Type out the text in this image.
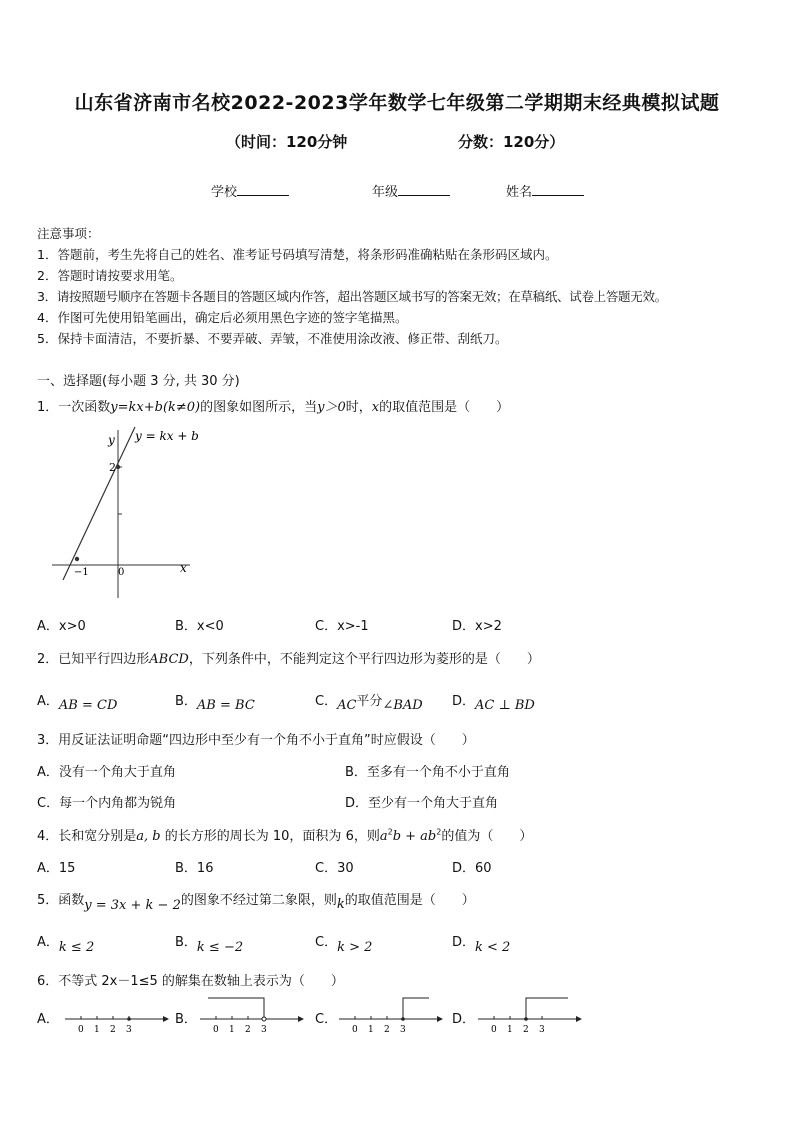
山东省济南市名校2022-2023学年数学七年级第二学期期末经典模拟试题
（时间：120分钟	分数：120分）
学校	年级	姓名
注意事项：
1．答题前，考生先将自己的姓名、准考证号码填写清楚，将条形码准确粘贴在条形码区域内。
2．答题时请按要求用笔。
3．请按照题号顺序在答题卡各题目的答题区域内作答，超出答题区域书写的答案无效；在草稿纸、试卷上答题无效。
4．作图可先使用铅笔画出，确定后必须用黑色字迹的签字笔描黑。
5．保持卡面清洁，不要折暴、不要弄破、弄皱，不准使用涂改液、修正带、刮纸刀。
一、选择题(每小题 3 分, 共 30 分)
1．一次函数y=kx+b(k≠0)的图象如图所示，当y＞0时，x的取值范围是（　　）
y y = kx + b
2
−1	0	x
A．x>0	B．x<0	C．x>-1	D．x>2
2．已知平行四边形ABCD，下列条件中，不能判定这个平行四边形为菱形的是（　　）
A．AB = CD	B．AB = BC	C．AC平分∠BAD D．AC ⊥ BD
3．用反证法证明命题“四边形中至少有一个角不小于直角”时应假设（　　）
A．没有一个角大于直角	B．至多有一个角不小于直角
C．每一个内角都为锐角	D．至少有一个角大于直角
4．长和宽分别是a, b 的长方形的周长为 10，面积为 6，则$a^2b + ab^2$的值为（　　）
A．15	B．16	C．30	D．60
5．函数y = 3x + k − 2的图象不经过第二象限，则k的取值范围是（　　）
A．k ≤ 2	B．k ≤ −2	C．k > 2	D．k < 2
6．不等式 2x－1≤5 的解集在数轴上表示为（　　）
A．
0 1 2 3
B．
0 1 2 3
C．
0 1 2 3
D．
0 1 2 3
